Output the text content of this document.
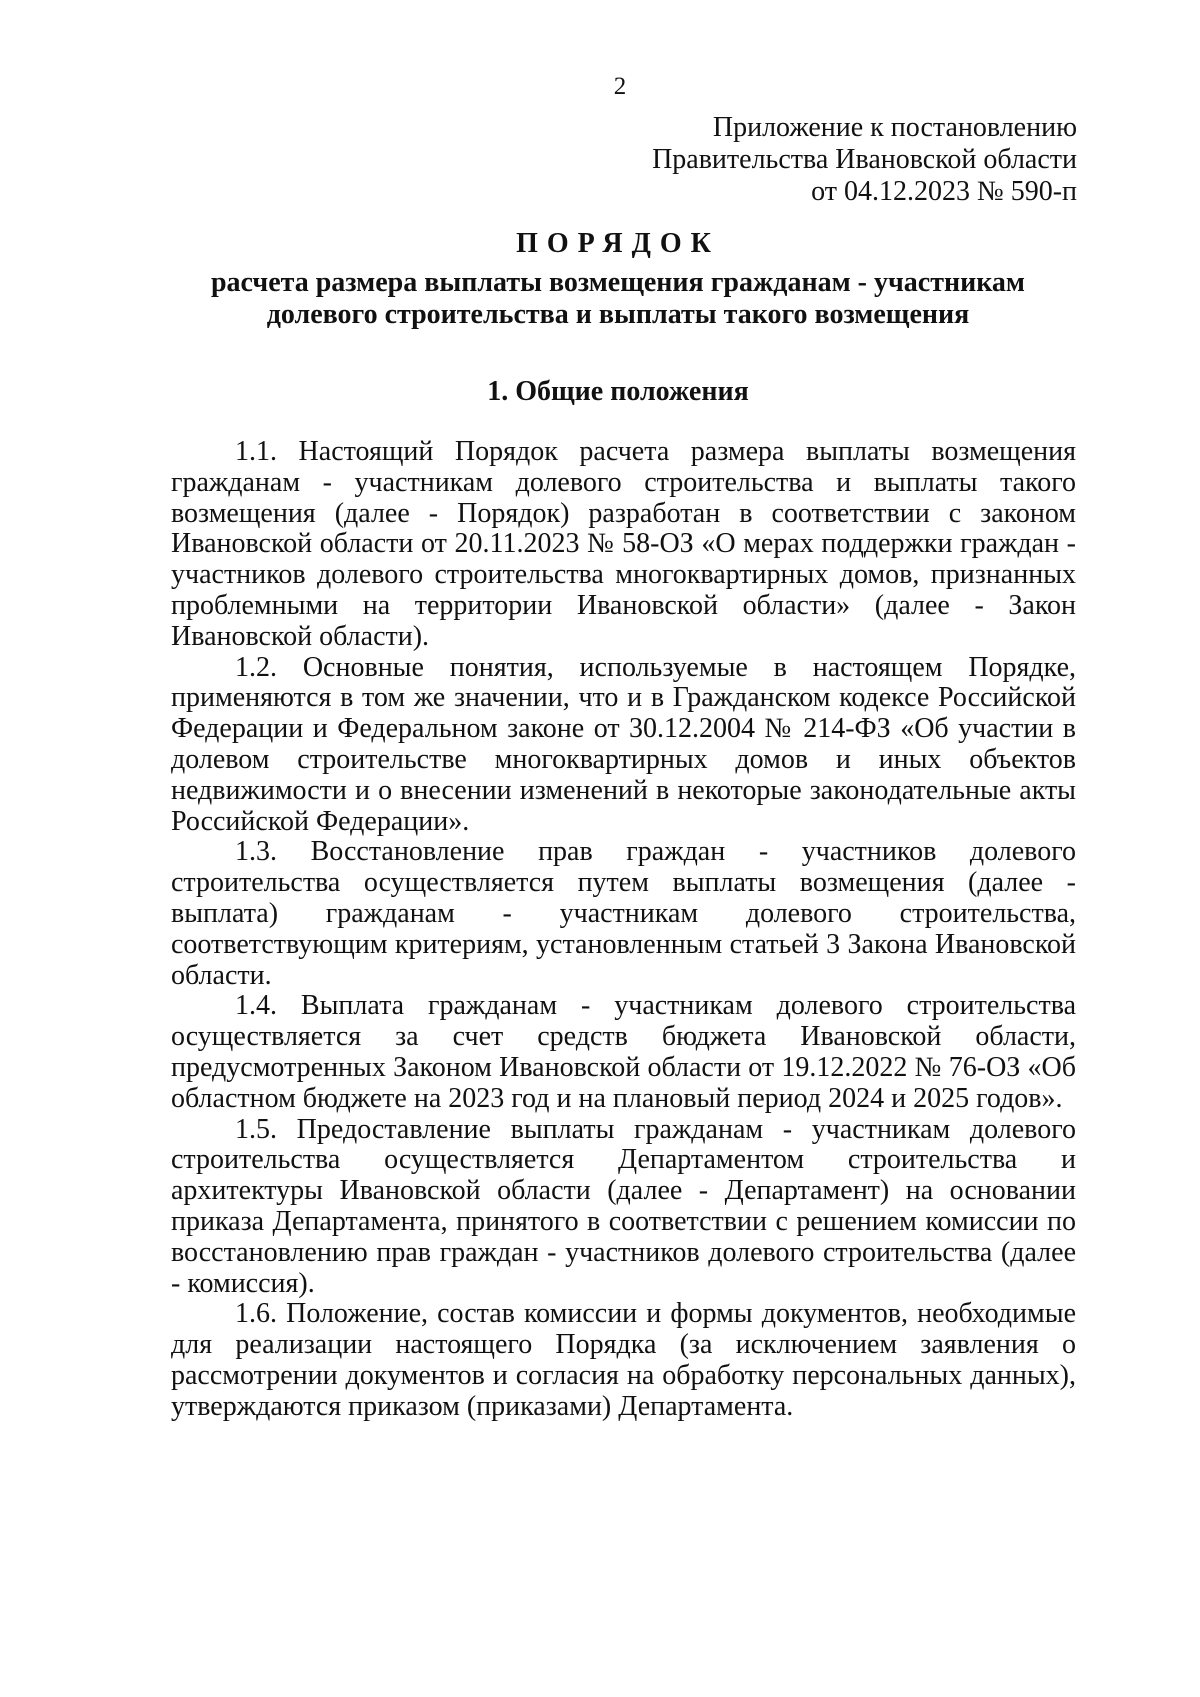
2
Приложение к постановлению
Правительства Ивановской области
от 04.12.2023 № 590-п
ПОРЯДОК
расчета размера выплаты возмещения гражданам - участникам
долевого строительства и выплаты такого возмещения
1. Общие положения

1.1. Настоящий Порядок расчета размера выплаты возмещения гражданам - участникам долевого строительства и выплаты такого возмещения (далее - Порядок) разработан в соответствии с законом Ивановской области от 20.11.2023 № 58-ОЗ «О мерах поддержки граждан - участников долевого строительства многоквартирных домов, признанных проблемными на территории Ивановской области» (далее - Закон Ивановской области).

1.2. Основные понятия, используемые в настоящем Порядке, применяются в том же значении, что и в Гражданском кодексе Российской Федерации и Федеральном законе от 30.12.2004 № 214-ФЗ «Об участии в долевом строительстве многоквартирных домов и иных объектов недвижимости и о внесении изменений в некоторые законодательные акты Российской Федерации».

1.3. Восстановление прав граждан - участников долевого строительства осуществляется путем выплаты возмещения (далее - выплата) гражданам - участникам долевого строительства, соответствующим критериям, установленным статьей 3 Закона Ивановской области.

1.4. Выплата гражданам - участникам долевого строительства осуществляется за счет средств бюджета Ивановской области, предусмотренных Законом Ивановской области от 19.12.2022 № 76-ОЗ «Об областном бюджете на 2023 год и на плановый период 2024 и 2025 годов».

1.5. Предоставление выплаты гражданам - участникам долевого строительства осуществляется Департаментом строительства и архитектуры Ивановской области (далее - Департамент) на основании приказа Департамента, принятого в соответствии с решением комиссии по восстановлению прав граждан - участников долевого строительства (далее - комиссия).

1.6. Положение, состав комиссии и формы документов, необходимые для реализации настоящего Порядка (за исключением заявления о рассмотрении документов и согласия на обработку персональных данных), утверждаются приказом (приказами) Департамента.
